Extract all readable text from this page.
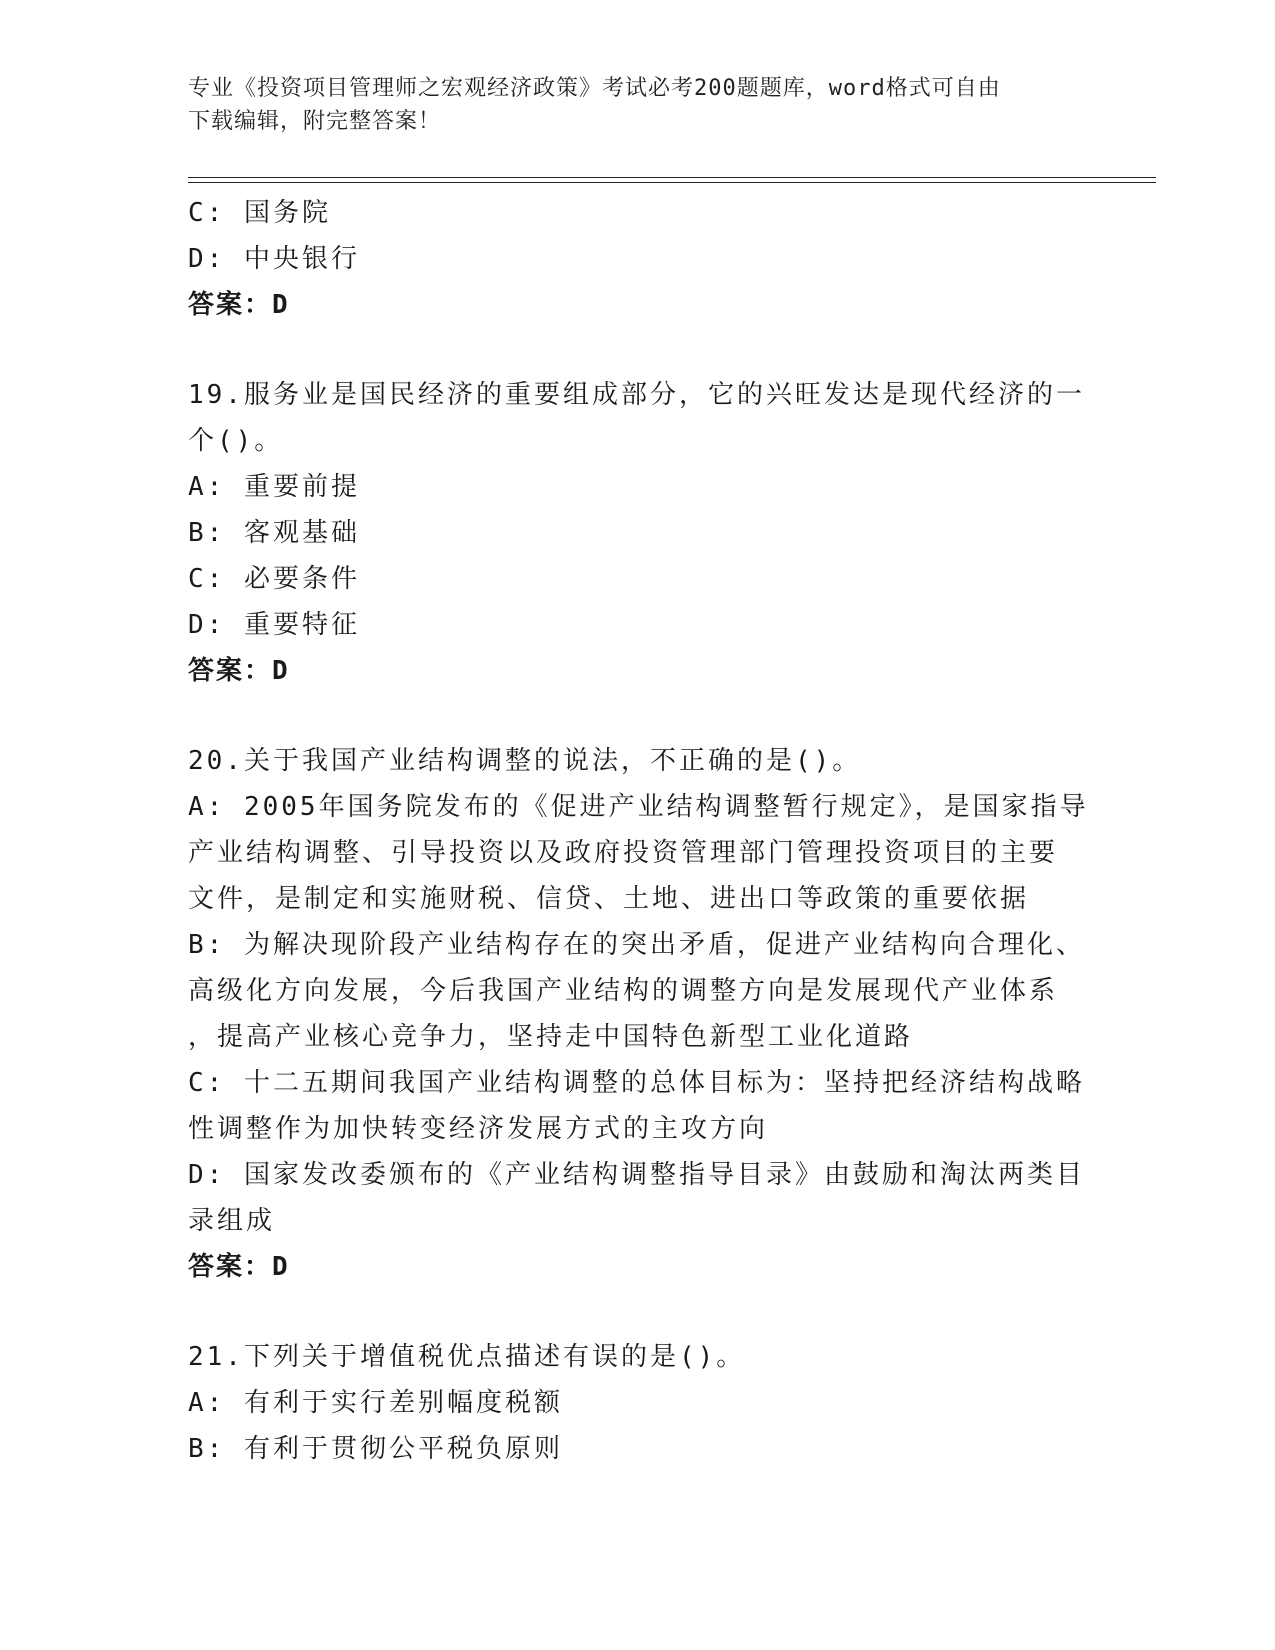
专业《投资项目管理师之宏观经济政策》考试必考200题题库，word格式可自由
下载编辑，附完整答案！
C: 国务院
D: 中央银行
答案：D
19.服务业是国民经济的重要组成部分，它的兴旺发达是现代经济的一
个()。
A: 重要前提
B: 客观基础
C: 必要条件
D: 重要特征
答案：D
20.关于我国产业结构调整的说法，不正确的是()。
A: 2005年国务院发布的《促进产业结构调整暂行规定》，是国家指导
产业结构调整、引导投资以及政府投资管理部门管理投资项目的主要
文件，是制定和实施财税、信贷、土地、进出口等政策的重要依据
B: 为解决现阶段产业结构存在的突出矛盾，促进产业结构向合理化、
高级化方向发展，今后我国产业结构的调整方向是发展现代产业体系
，提高产业核心竞争力，坚持走中国特色新型工业化道路
C: 十二五期间我国产业结构调整的总体目标为：坚持把经济结构战略
性调整作为加快转变经济发展方式的主攻方向
D: 国家发改委颁布的《产业结构调整指导目录》由鼓励和淘汰两类目
录组成
答案：D
21.下列关于增值税优点描述有误的是()。
A: 有利于实行差别幅度税额
B: 有利于贯彻公平税负原则
